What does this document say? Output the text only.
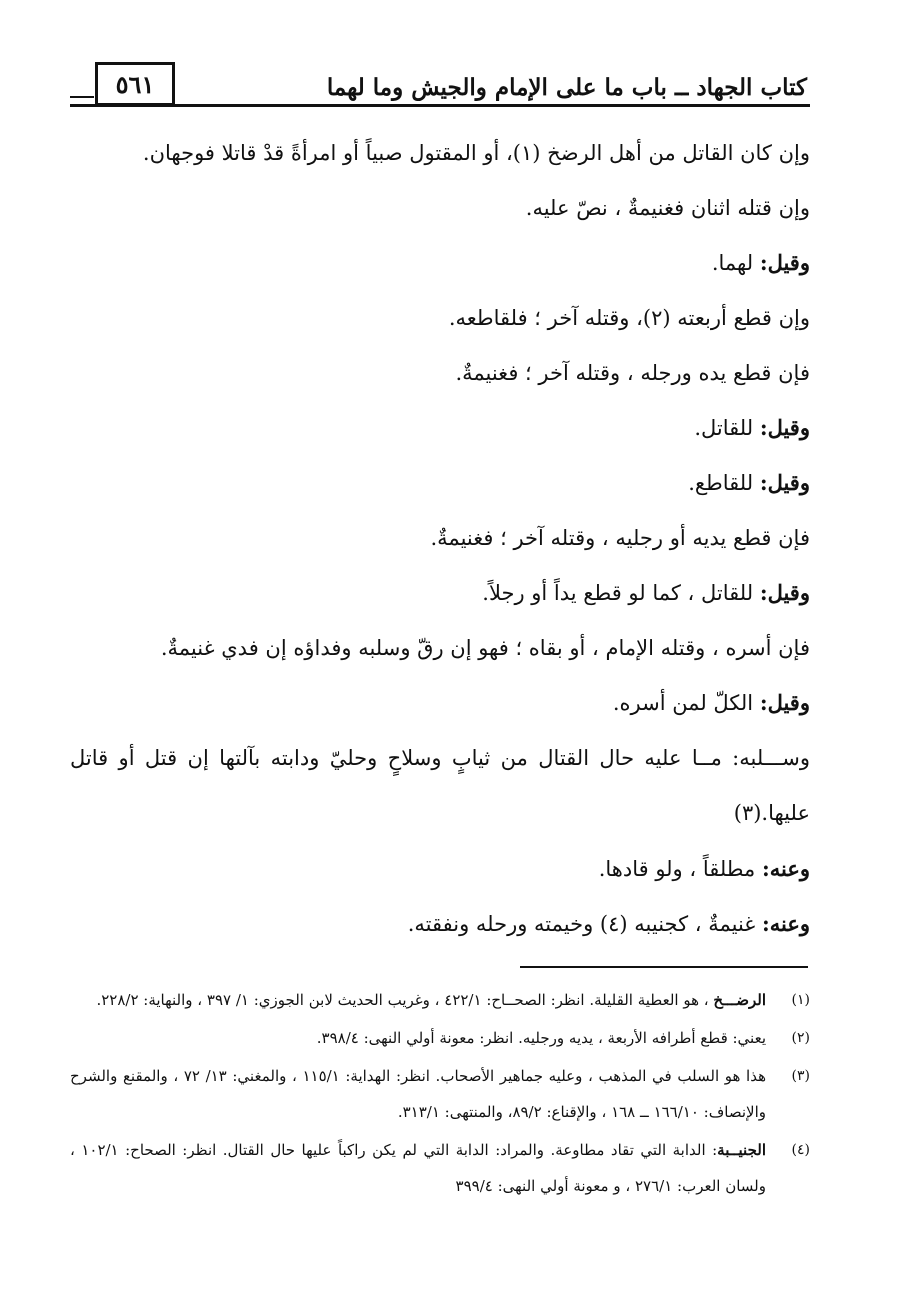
٥٦١	كتاب الجهاد ــ باب ما على الإمام والجيش وما لهما

وإن كان القاتل من أهل الرضخ (١)، أو المقتول صبياً أو امرأةً قدْ قاتلا فوجهان.

وإن قتله اثنان فغنيمةٌ ، نصّ عليه.

وقيل: لهما.

وإن قطع أربعته (٢)، وقتله آخر ؛ فلقاطعه.

فإن قطع يده ورجله ، وقتله آخر ؛ فغنيمةٌ.

وقيل: للقاتل.

وقيل: للقاطع.

فإن قطع يديه أو رجليه ، وقتله آخر ؛ فغنيمةٌ.

وقيل: للقاتل ، كما لو قطع يداً أو رجلاً.

فإن أسره ، وقتله الإمام ، أو بقاه ؛ فهو إن رقّ وسلبه وفداؤه إن فدي غنيمةٌ.

وقيل: الكلّ لمن أسره.

وســـلبه: مــا عليه حال القتال من ثيابٍ وسلاحٍ وحليّ ودابته بآلتها إن قتل أو قاتل عليها.(٣)

وعنه: مطلقاً ، ولو قادها.

وعنه: غنيمةٌ ، كجنيبه (٤) وخيمته ورحله ونفقته.

(١)
الرضـــخ ، هو العطية القليلة. انظر: الصحــاح: ٤٢٢/١ ، وغريب الحديث لابن الجوزي: ١/ ٣٩٧ ، والنهاية: ٢٢٨/٢.
(٢)
يعني: قطع أطرافه الأربعة ، يديه ورجليه. انظر: معونة أولي النهى: ٣٩٨/٤.
(٣)
هذا هو السلب في المذهب ، وعليه جماهير الأصحاب. انظر: الهداية: ١١٥/١ ، والمغني: ١٣/ ٧٢ ، والمقنع والشرح والإنصاف: ١٦٦/١٠ ــ ١٦٨ ، والإقناع: ٨٩/٢، والمنتهى: ٣١٣/١.
(٤)
الجنيــبة: الدابة التي تقاد مطاوعة. والمراد: الدابة التي لم يكن راكباً عليها حال القتال. انظر: الصحاح: ١٠٢/١ ، ولسان العرب: ٢٧٦/١ ، و معونة أولي النهى: ٣٩٩/٤
